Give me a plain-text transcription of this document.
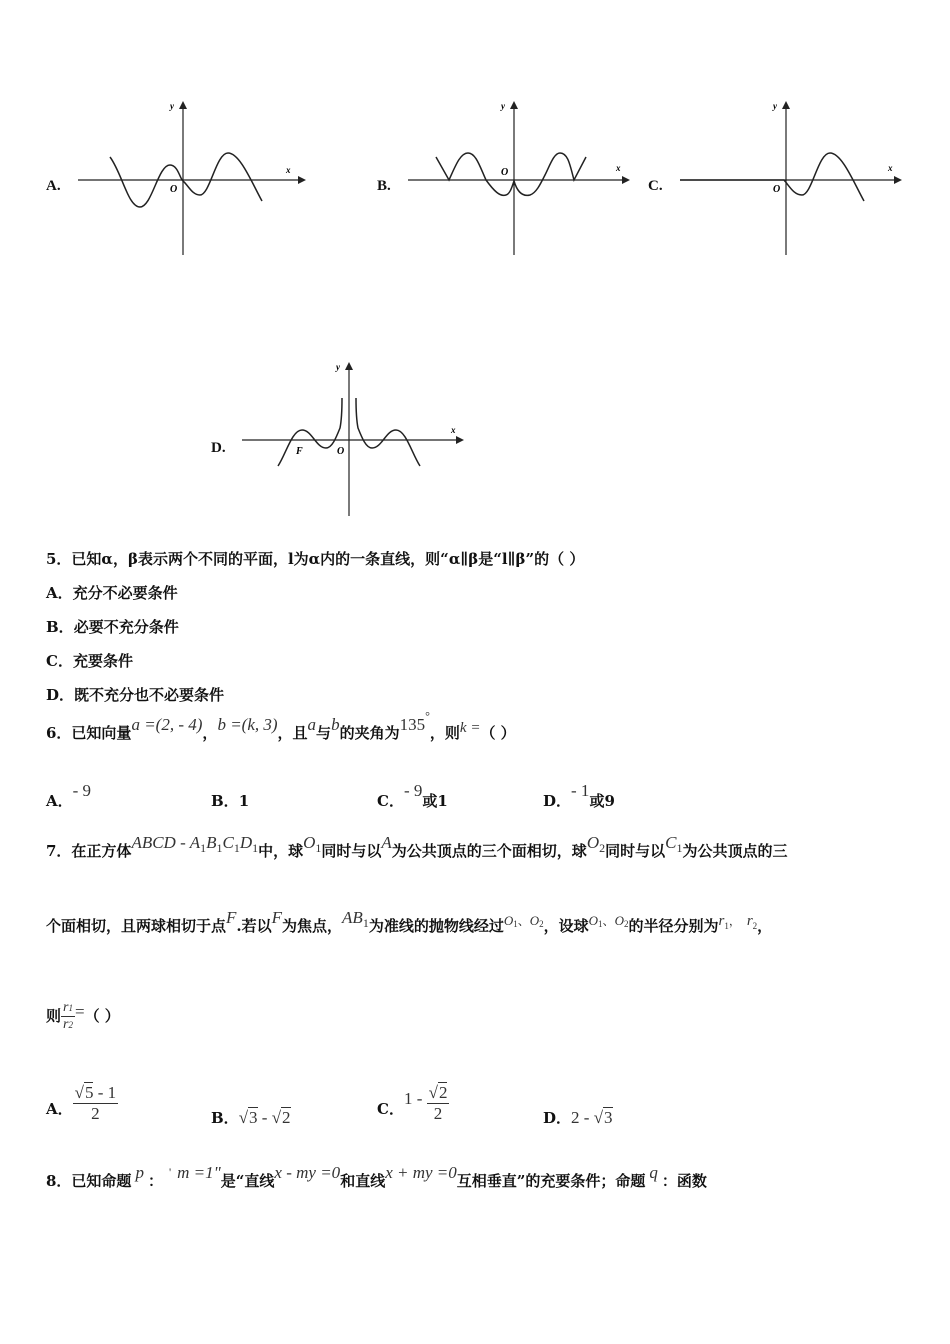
A.	O
x
y
B.
O	x
y
C.	O
x
y
D.	F	O
x
y
5．已知α，β表示两个不同的平面，l为α内的一条直线，则“α∥β是“l∥β”的（ ）
A．充分不必要条件
B．必要不充分条件
C．充要条件
D．既不充分也不必要条件
6．已知向量a =(2, - 4)，b =(k, 3)，且a与b的夹角为135°，则k =（ ）
A．- 9
B．1	C．- 9或1	D．- 1或9
7．在正方体ABCD - $A^1B^1C^1D^1$中，球$O^1$同时与以A为公共顶点的三个面相切，球$O^2$同时与以$C^1$为公共顶点的三
个面相切，且两球相切于点F.若以F为焦点，$AB^1$为准线的抛物线经过$^{O1、O2}$，设球$^{O1、O2}$的半径分别为r1， r2，
则 $\frac{r1}{r2}$ =（ ）
A． $\frac{√5 - 1}{2}$	B．√3 - √2	C．$1 - \frac{√2}{2}$	D．2 - √3
8．已知命题 p ： ' m =1"是“直线x - my =0和直线x + my =0互相垂直”的充要条件；命题 q ：函数
